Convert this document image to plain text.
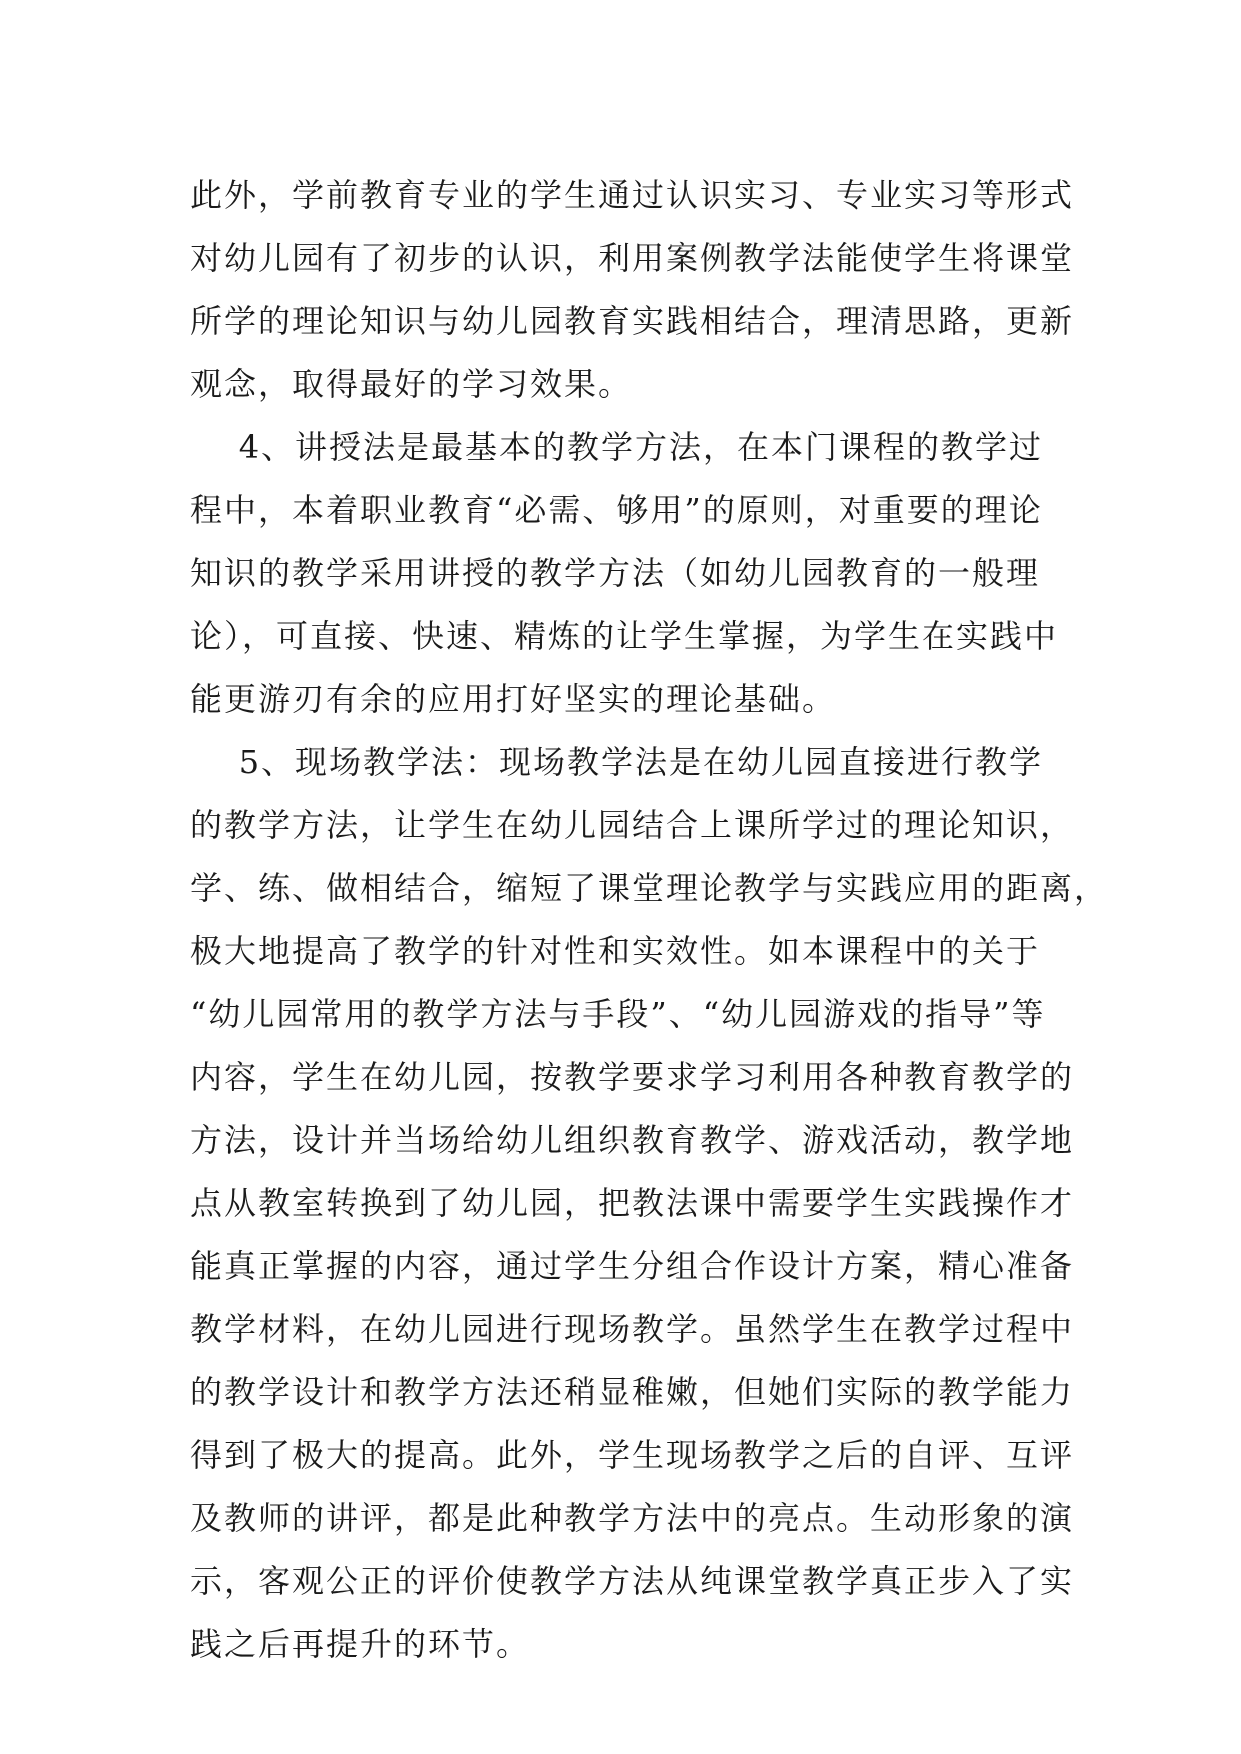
此外，学前教育专业的学生通过认识实习、专业实习等形式
对幼儿园有了初步的认识，利用案例教学法能使学生将课堂
所学的理论知识与幼儿园教育实践相结合，理清思路，更新
观念，取得最好的学习效果。
4、讲授法是最基本的教学方法，在本门课程的教学过
程中，本着职业教育“必需、够用”的原则，对重要的理论
知识的教学采用讲授的教学方法（如幼儿园教育的一般理
论），可直接、快速、精炼的让学生掌握，为学生在实践中
能更游刃有余的应用打好坚实的理论基础。
5、现场教学法：现场教学法是在幼儿园直接进行教学
的教学方法，让学生在幼儿园结合上课所学过的理论知识，
学、练、做相结合，缩短了课堂理论教学与实践应用的距离，
极大地提高了教学的针对性和实效性。如本课程中的关于
“幼儿园常用的教学方法与手段”、“幼儿园游戏的指导”等
内容，学生在幼儿园，按教学要求学习利用各种教育教学的
方法，设计并当场给幼儿组织教育教学、游戏活动，教学地
点从教室转换到了幼儿园，把教法课中需要学生实践操作才
能真正掌握的内容，通过学生分组合作设计方案，精心准备
教学材料，在幼儿园进行现场教学。虽然学生在教学过程中
的教学设计和教学方法还稍显稚嫩，但她们实际的教学能力
得到了极大的提高。此外，学生现场教学之后的自评、互评
及教师的讲评，都是此种教学方法中的亮点。生动形象的演
示，客观公正的评价使教学方法从纯课堂教学真正步入了实
践之后再提升的环节。
